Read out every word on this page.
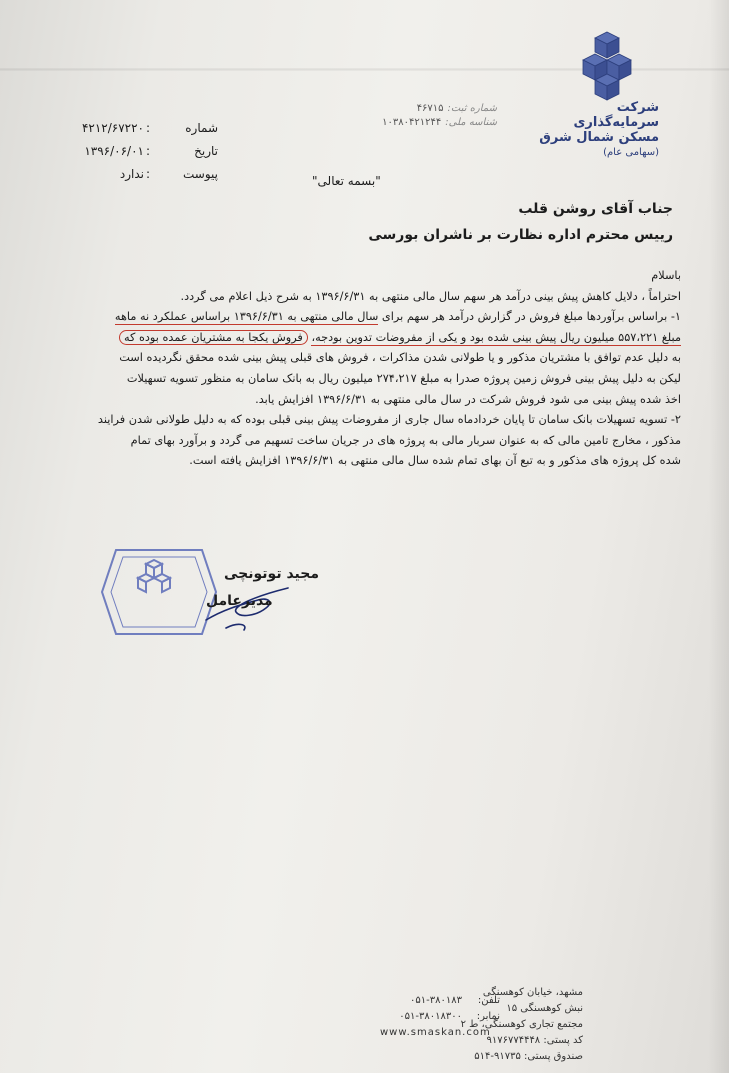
شرکت سرمایه‌گذاری
مسکن شمال شرق
(سهامی عام)
شماره ثبت:۴۶۷۱۵
شناسه ملی:۱۰۳۸۰۴۲۱۲۴۴
شماره
:
۴۲۱۲/۶۷۲۲۰
تاریخ
:
۱۳۹۶/۰۶/۰۱
پیوست
:
ندارد	"بسمه تعالی"
جناب آقای روشن قلب
رییس محترم اداره نظارت بر ناشران بورسی
باسلام
احتراماً ، دلایل کاهش پیش بینی درآمد هر سهم سال مالی منتهی به ۱۳۹۶/۶/۳۱ به شرح ذیل اعلام می گردد.
۱- براساس برآوردها مبلغ فروش در گزارش درآمد هر سهم برای سال مالی منتهی به ۱۳۹۶/۶/۳۱ براساس عملکرد نه ماهه
مبلغ ۵۵۷،۲۲۱ میلیون ریال پیش بینی شده بود و یکی از مفروضات تدوین بودجه، فروش یکجا به مشتریان عمده بوده که
به دلیل عدم توافق با مشتریان مذکور و یا طولانی شدن مذاکرات ، فروش های قبلی پیش بینی شده محقق نگردیده است
لیکن به دلیل پیش بینی فروش زمین پروژه صدرا به مبلغ ۲۷۴،۲۱۷ میلیون ریال به بانک سامان به منظور تسویه تسهیلات
اخذ شده پیش بینی می شود فروش شرکت در سال مالی منتهی به ۱۳۹۶/۶/۳۱ افزایش یابد.
۲- تسویه تسهیلات بانک سامان تا پایان خردادماه سال جاری از مفروضات پیش بینی قبلی بوده که به دلیل طولانی شدن فرایند
مذکور ، مخارج تامین مالی که به عنوان سربار مالی به پروژه های در جریان ساخت تسهیم می گردد و برآورد بهای تمام
شده کل پروژه های مذکور و به تبع آن بهای تمام شده سال مالی منتهی به ۱۳۹۶/۶/۳۱ افزایش یافته است.
مجید توتونچی
مدیرعامل
مشهد، خیابان کوهسنگی
نبش کوهسنگی ۱۵
مجتمع تجاری کوهسنگی، ط ۲
کد پستی: ۹۱۷۶۷۷۴۴۴۸
صندوق پستی: ۹۱۷۳۵-۵۱۴
تلفن:
۰۵۱-۳۸۰۱۸۳
نمابر:
۰۵۱-۳۸۰۱۸۳۰۰
www.smaskan.com
